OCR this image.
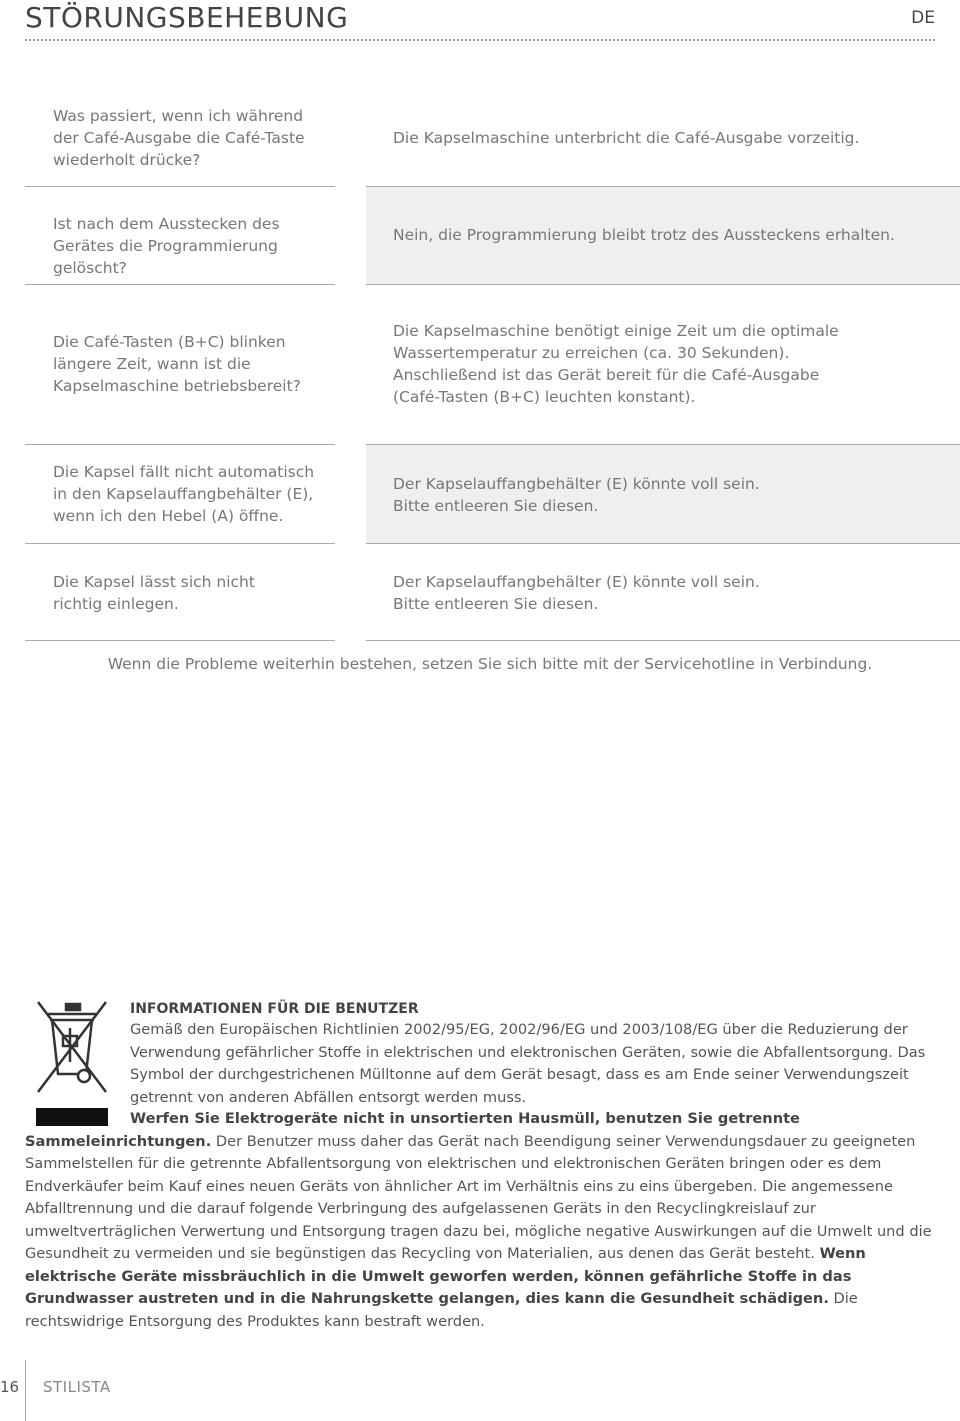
STÖRUNGSBEHEBUNG	DE
Was passiert, wenn ich während der Café-Ausgabe die Café-Taste wiederholt drücke?
Die Kapselmaschine unterbricht die Café-Ausgabe vorzeitig.
Ist nach dem Ausstecken des Gerätes die Programmierung gelöscht?
Nein, die Programmierung bleibt trotz des Aussteckens erhalten.
Die Café-Tasten (B+C) blinken längere Zeit, wann ist die Kapselmaschine betriebsbereit?
Die Kapselmaschine benötigt einige Zeit um die optimale Wassertemperatur zu erreichen (ca. 30 Sekunden). Anschließend ist das Gerät bereit für die Café-Ausgabe (Café-Tasten (B+C) leuchten konstant).
Die Kapsel fällt nicht automatisch in den Kapselauffangbehälter (E), wenn ich den Hebel (A) öffne.
Der Kapselauffangbehälter (E) könnte voll sein. Bitte entleeren Sie diesen.
Die Kapsel lässt sich nicht richtig einlegen.
Der Kapselauffangbehälter (E) könnte voll sein. Bitte entleeren Sie diesen.
Wenn die Probleme weiterhin bestehen, setzen Sie sich bitte mit der Servicehotline in Verbindung.
INFORMATIONEN FÜR DIE BENUTZER

Gemäß den Europäischen Richtlinien 2002/95/EG, 2002/96/EG und 2003/108/EG über die Reduzierung der Verwendung gefährlicher Stoffe in elektrischen und elektronischen Geräten, sowie die Abfallentsorgung. Das Symbol der durchgestrichenen Mülltonne auf dem Gerät besagt, dass es am Ende seiner Verwendungszeit getrennt von anderen Abfällen entsorgt werden muss.

Werfen Sie Elektrogeräte nicht in unsortierten Hausmüll, benutzen Sie getrennte Sammeleinrichtungen. Der Benutzer muss daher das Gerät nach Beendigung seiner Verwendungsdauer zu geeigneten Sammelstellen für die getrennte Abfallentsorgung von elektrischen und elektronischen Geräten bringen oder es dem Endverkäufer beim Kauf eines neuen Geräts von ähnlicher Art im Verhältnis eins zu eins übergeben. Die angemessene Abfalltrennung und die darauf folgende Verbringung des aufgelassenen Geräts in den Recyclingkreislauf zur umweltverträglichen Verwertung und Entsorgung tragen dazu bei, mögliche negative Auswirkungen auf die Umwelt und die Gesundheit zu vermeiden und sie begünstigen das Recycling von Materialien, aus denen das Gerät besteht. Wenn elektrische Geräte missbräuchlich in die Umwelt geworfen werden, können gefährliche Stoffe in das Grundwasser austreten und in die Nahrungskette gelangen, dies kann die Gesundheit schädigen. Die rechtswidrige Entsorgung des Produktes kann bestraft werden.

16 STILISTA
